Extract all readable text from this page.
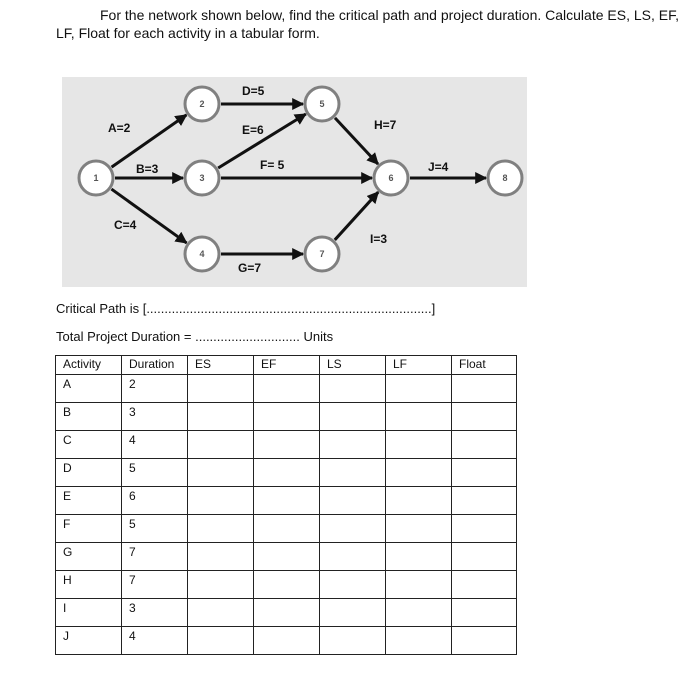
For the network shown below, find the critical path and project duration. Calculate ES, LS, EF,
LF, Float for each activity in a tabular form.
1
2
3
4
5
6
7
8
A=2
B=3
C=4
D=5
E=6
F= 5
G=7
H=7
I=3
J=4
Critical Path is [...............................................................................]
Total Project Duration = ............................. Units
Activity	Duration	ES	EF	LS	LF	Float
A	2					
B	3					
C	4					
D	5					
E	6					
F	5					
G	7					
H	7					
I	3					
J	4					
